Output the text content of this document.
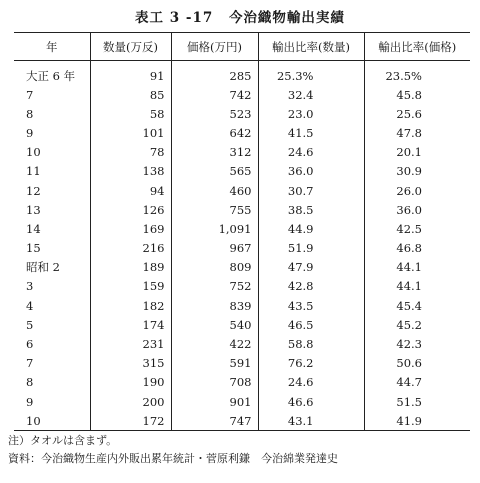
表工 3 -17 今治織物輸出実績
年	数量(万反)	価格(万円)	輸出比率(数量)	輸出比率(価格)
大正 6 年	91	285	25.3%	23.5%
7	85	742	32.4	45.8
8	58	523	23.0	25.6
9	101	642	41.5	47.8
10	78	312	24.6	20.1
11	138	565	36.0	30.9
12	94	460	30.7	26.0
13	126	755	38.5	36.0
14	169	1,091	44.9	42.5
15	216	967	51.9	46.8
昭和 2	189	809	47.9	44.1
3	159	752	42.8	44.1
4	182	839	43.5	45.4
5	174	540	46.5	45.2
6	231	422	58.8	42.3
7	315	591	76.2	50.6
8	190	708	24.6	44.7
9	200	901	46.6	51.5
10	172	747	43.1	41.9
注）タオルは含まず。
資料：今治織物生産内外販出累年統計・菅原利鎌　今治綿業発達史
